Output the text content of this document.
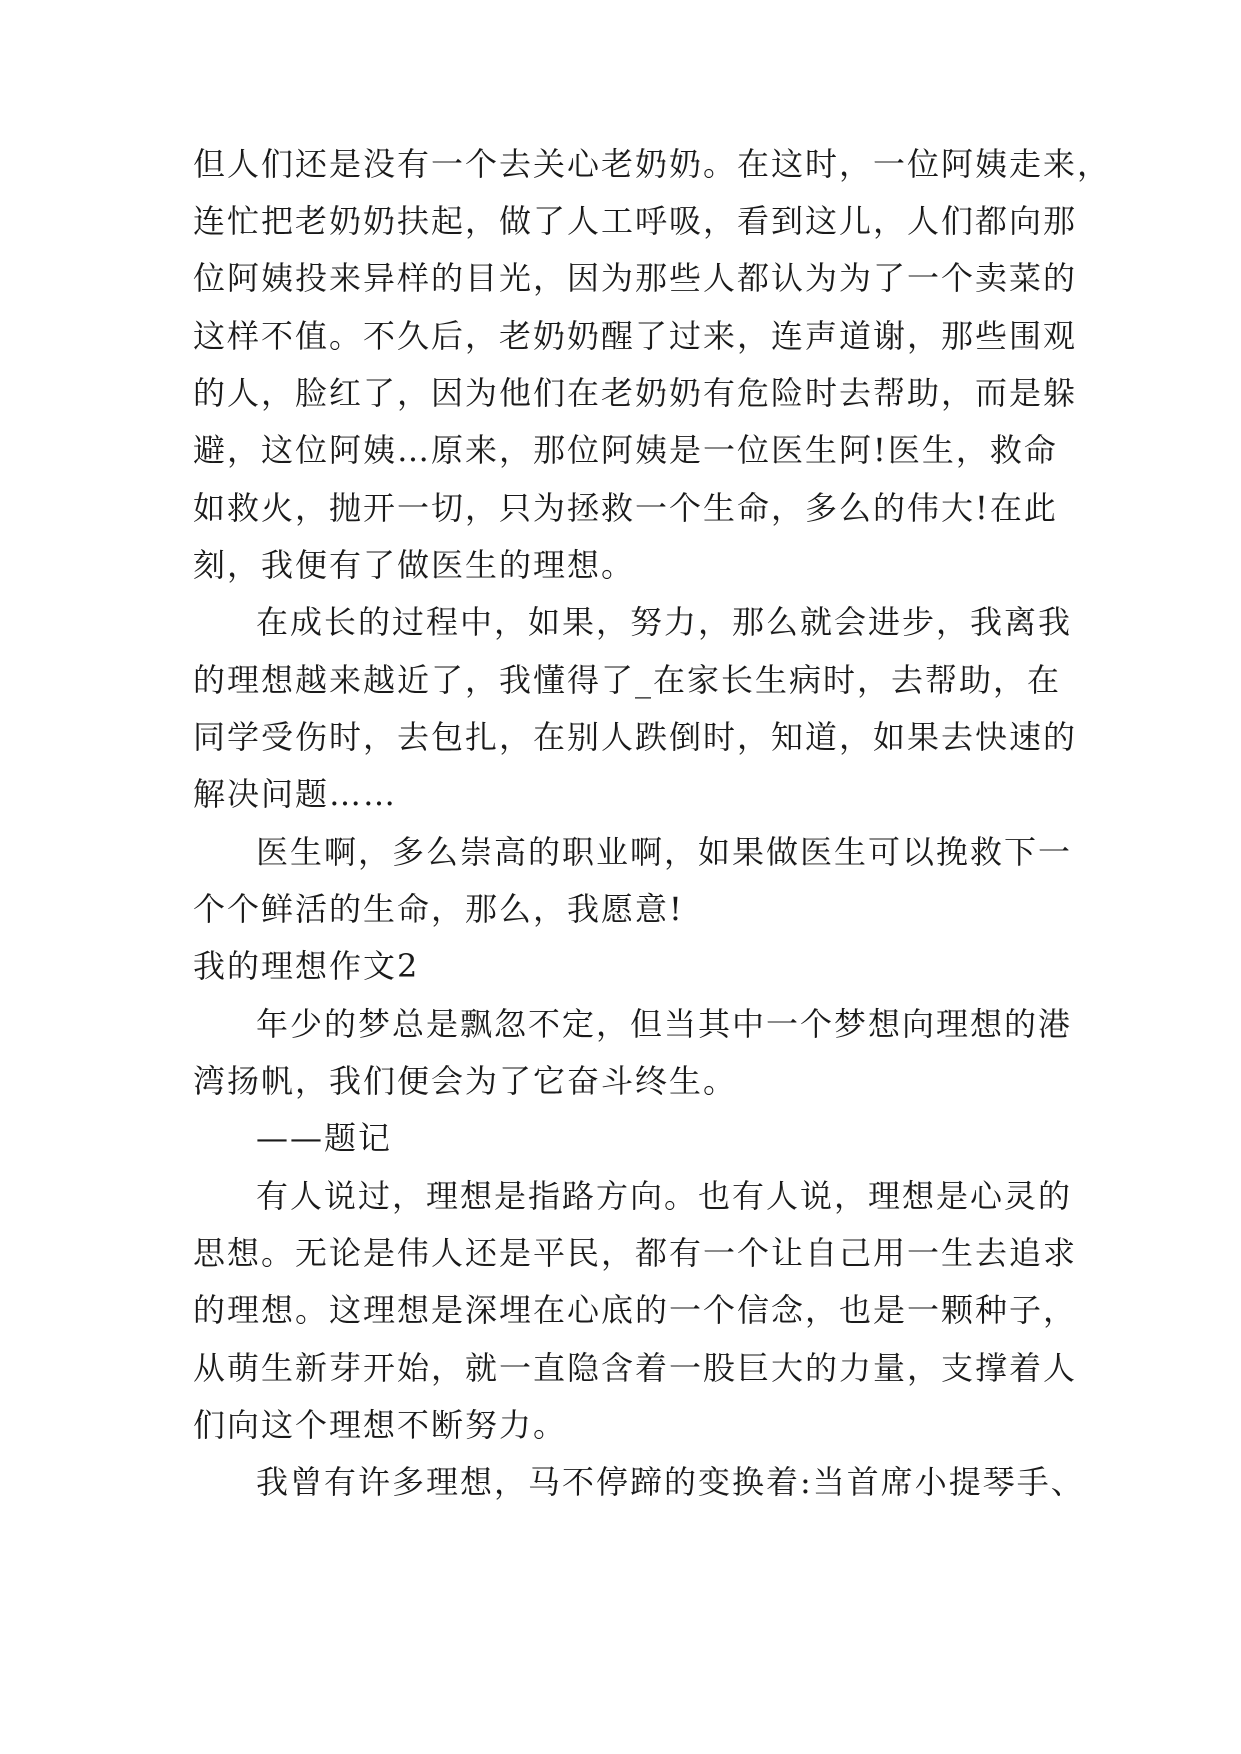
但人们还是没有一个去关心老奶奶。在这时，一位阿姨走来，
连忙把老奶奶扶起，做了人工呼吸，看到这儿，人们都向那
位阿姨投来异样的目光，因为那些人都认为为了一个卖菜的
这样不值。不久后，老奶奶醒了过来，连声道谢，那些围观
的人，脸红了，因为他们在老奶奶有危险时去帮助，而是躲
避，这位阿姨…原来，那位阿姨是一位医生阿!医生，救命
如救火，抛开一切，只为拯救一个生命，多么的伟大!在此
刻，我便有了做医生的理想。
在成长的过程中，如果，努力，那么就会进步，我离我
的理想越来越近了，我懂得了_在家长生病时，去帮助，在
同学受伤时，去包扎，在别人跌倒时，知道，如果去快速的
解决问题……
医生啊，多么崇高的职业啊，如果做医生可以挽救下一
个个鲜活的生命，那么，我愿意!
我的理想作文2
年少的梦总是飘忽不定，但当其中一个梦想向理想的港
湾扬帆，我们便会为了它奋斗终生。
——题记
有人说过，理想是指路方向。也有人说，理想是心灵的
思想。无论是伟人还是平民，都有一个让自己用一生去追求
的理想。这理想是深埋在心底的一个信念，也是一颗种子，
从萌生新芽开始，就一直隐含着一股巨大的力量，支撑着人
们向这个理想不断努力。
我曾有许多理想，马不停蹄的变换着:当首席小提琴手、
